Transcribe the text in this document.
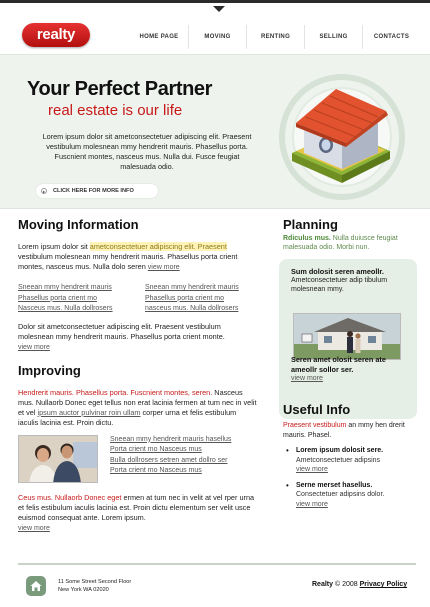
realty	HOME PAGE	MOVING	RENTING	SELLING	CONTACTS
Your Perfect Partner
real estate is our life
Lorem ipsum dolor sit ametconsectetuer adipiscing elit. Praesent vestibulum molesnean mmy hendrerit mauris. Phasellus porta. Fuscnient montes, nasceus mus. Nulla dui. Fusce feugiat malesuada odio.
▸	CLICK HERE FOR MORE INFO
Moving Information
Lorem ipsum dolor sit ametconsectetuer adipiscing elit. Praesent vestibulum molesnean mmy hendrerit mauris. Phasellus porta crient montes, nasceus mus. Nulla dolo seren view more
Sneean mmy hendrerit mauris
Phasellus porta crient mo
Nasceus mus. Nulla dollrosers
Sneean mmy hendrerit mauris
Phasellus porta crient mo
nasceus mus. Nulla dollrosers
Dolor sit ametconsectetuer adipiscing elit. Praesent vestibulum molesnean mmy hendrerit mauris. Phasellus porta crient monte.
view more
Improving
Hendrerit mauris. Phasellus porta. Fuscnient montes, seren. Nasceus mus. Nullaorb Donec eget tellus non erat lacinia fermen at tum nec in velit et vel ipsum auctor pulvinar roin ullam corper urna et felis estibulum iaculis lacinia est. Proin dictu.
Sneean mmy hendrerit mauris hasellus
Porta crient mo Nasceus mus
Bulla dollrosers setren amet dollro ser
Porta crient mo Nasceus mus
Ceus mus. Nullaorb Donec eget ermen at tum nec in velit at vel rper urna et felis estibulum iaculis lacinia est. Proin dictu elementum ser velit usce euismod consequat ante. Lorem ipsum.
view more
Planning
Rdiculus mus. Nulla duiusce feugiat malesuada odio. Morbi nun.
Sum dolosit seren ameollr.
Ametconsectetuer adip tibulum molesnean mmy.
Seren amet olosit seren ate ameollr sollor ser.
view more
Useful Info
Praesent vestibulum an mmy hen drerit mauris. Phasel.
•	Lorem ipsum dolosit sere.
Ametconsectetuer adipsins
view more
•	Serne merset hasellus.
Consectetuer adipsins dolor.
view more
11 Some Street Second Floor
New York WA 02020
Realty © 2008 Privacy Policy
